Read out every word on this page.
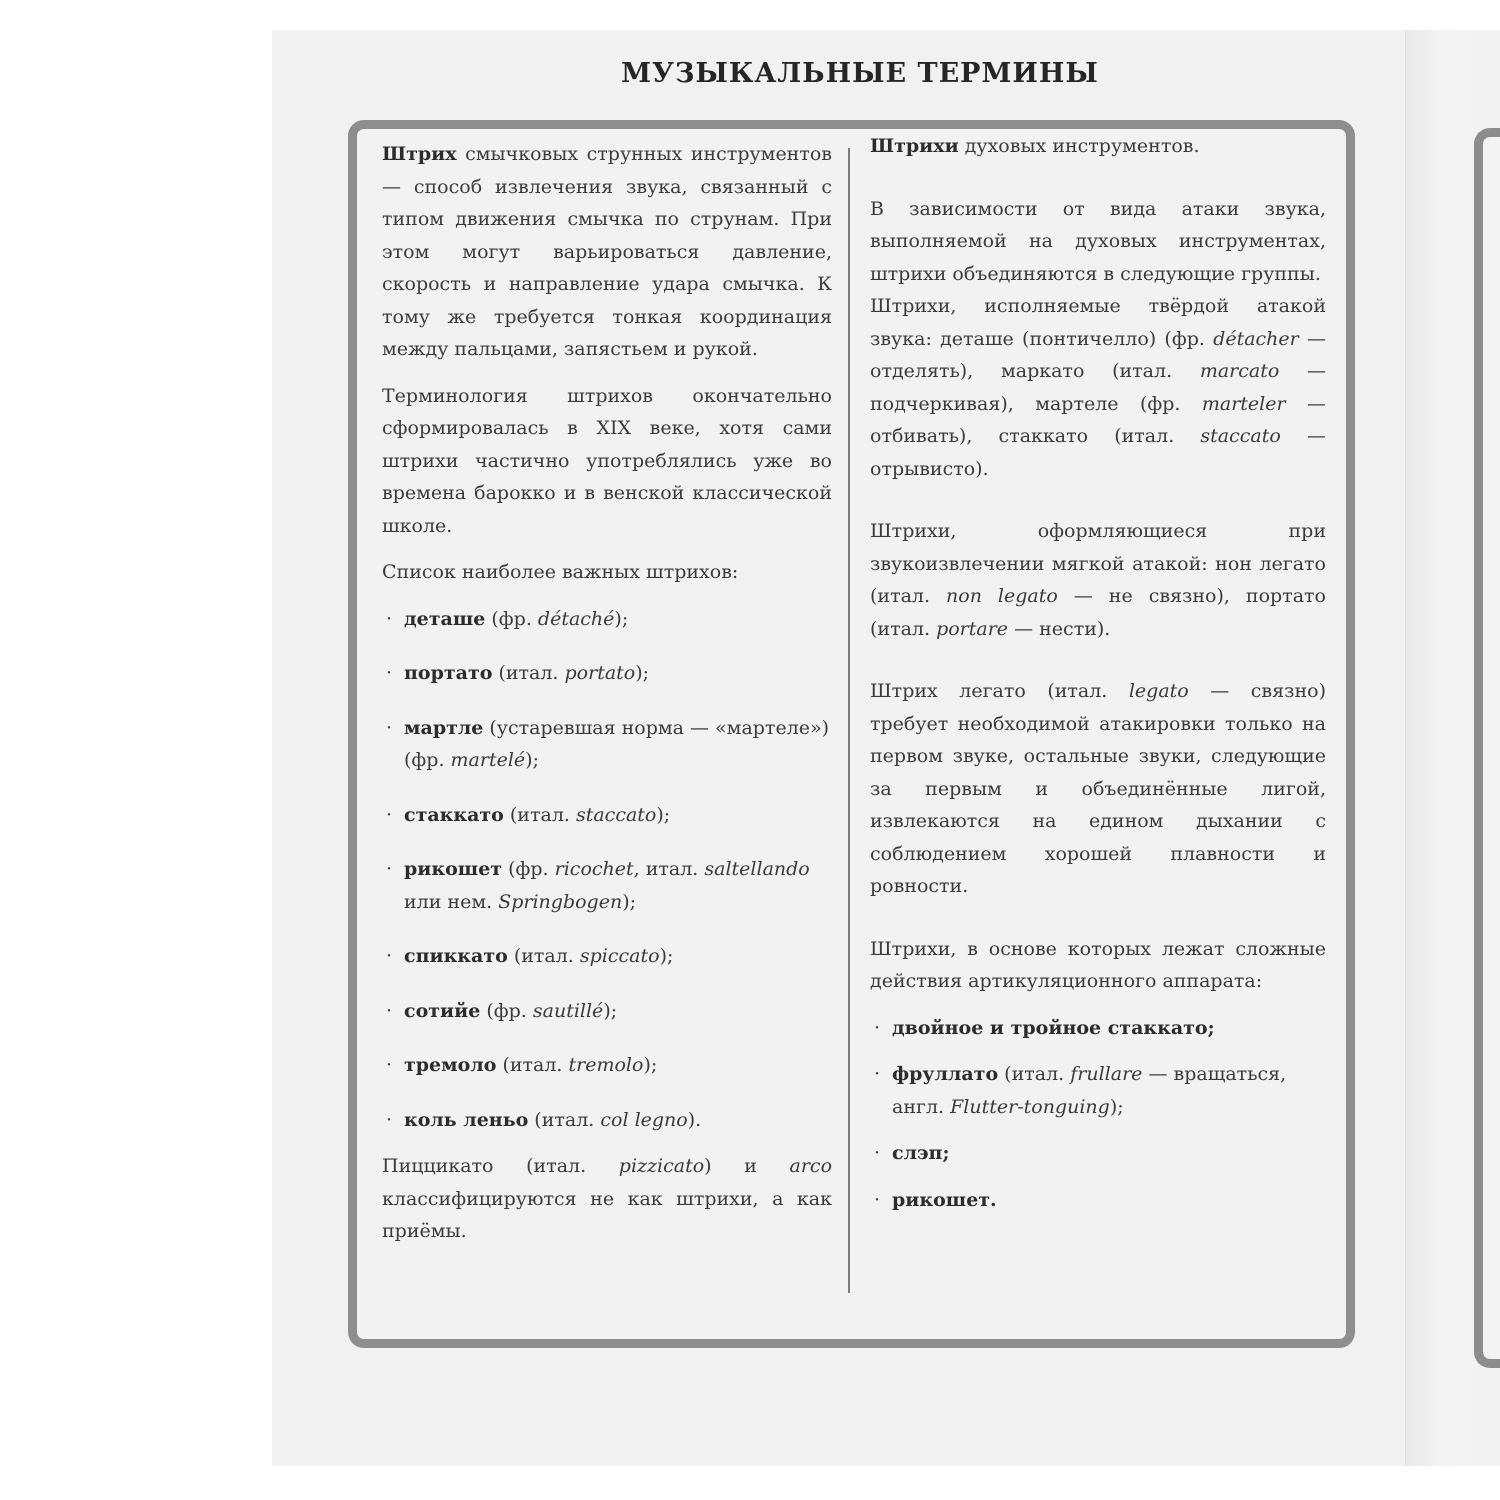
МУЗЫКАЛЬНЫЕ ТЕРМИНЫ

Штрих смычковых струнных инструментов — способ извлечения звука, связанный с типом движения смычка по струнам. При этом могут варьироваться давление, скорость и направление удара смычка. К тому же требуется тонкая координация между пальцами, запястьем и рукой.

Терминология штрихов окончательно сформировалась в XIX веке, хотя сами штрихи частично употреблялись уже во времена барокко и в венской классической школе.

Список наиболее важных штрихов:

· деташе (фр. détaché);
· портато (итал. portato);
· мартле (устаревшая норма — «мартеле») (фр. martelé);
· стаккато (итал. staccato);
· рикошет (фр. ricochet, итал. saltellando или нем. Springbogen);
· спиккато (итал. spiccato);
· сотийе (фр. sautillé);
· тремоло (итал. tremolo);
· коль леньо (итал. col legno).

Пиццикато (итал. pizzicato) и arco классифицируются не как штрихи, а как приёмы.

Штрихи духовых инструментов.

В зависимости от вида атаки звука, выполняемой на духовых инструментах, штрихи объединяются в следующие группы.

Штрихи, исполняемые твёрдой атакой звука: деташе (понтичелло) (фр. détacher — отделять), маркато (итал. marcato — подчеркивая), мартеле (фр. marteler — отбивать), стаккато (итал. staccato — отрывисто).

Штрихи, оформляющиеся при звукоизвлечении мягкой атакой: нон легато (итал. non legato — не связно), портато (итал. portare — нести).

Штрих легато (итал. legato — связно) требует необходимой атакировки только на первом звуке, остальные звуки, следующие за первым и объединённые лигой, извлекаются на едином дыхании с соблюдением хорошей плавности и ровности.

Штрихи, в основе которых лежат сложные действия артикуляционного аппарата:

· двойное и тройное стаккато;
· фруллато (итал. frullare — вращаться, англ. Flutter-tonguing);
· слэп;
· рикошет.
